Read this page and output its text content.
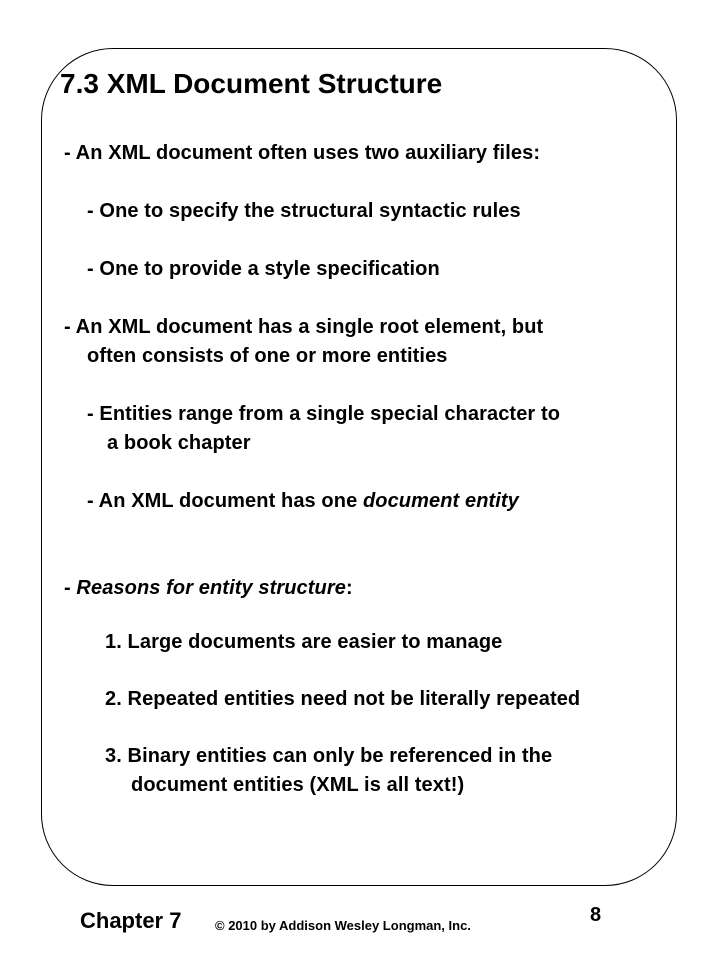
7.3 XML Document Structure
- An XML document often uses two auxiliary files:
- One to specify the structural syntactic rules
- One to provide a style specification
- An XML document has a single root element, but
often consists of one or more entities
- Entities range from a single special character to
a book chapter
- An XML document has one document entity
- Reasons for entity structure:
1. Large documents are easier to manage
2. Repeated entities need not be literally repeated
3. Binary entities can only be referenced in the
document entities (XML is all text!)
Chapter 7	© 2010 by Addison Wesley Longman, Inc.	8
